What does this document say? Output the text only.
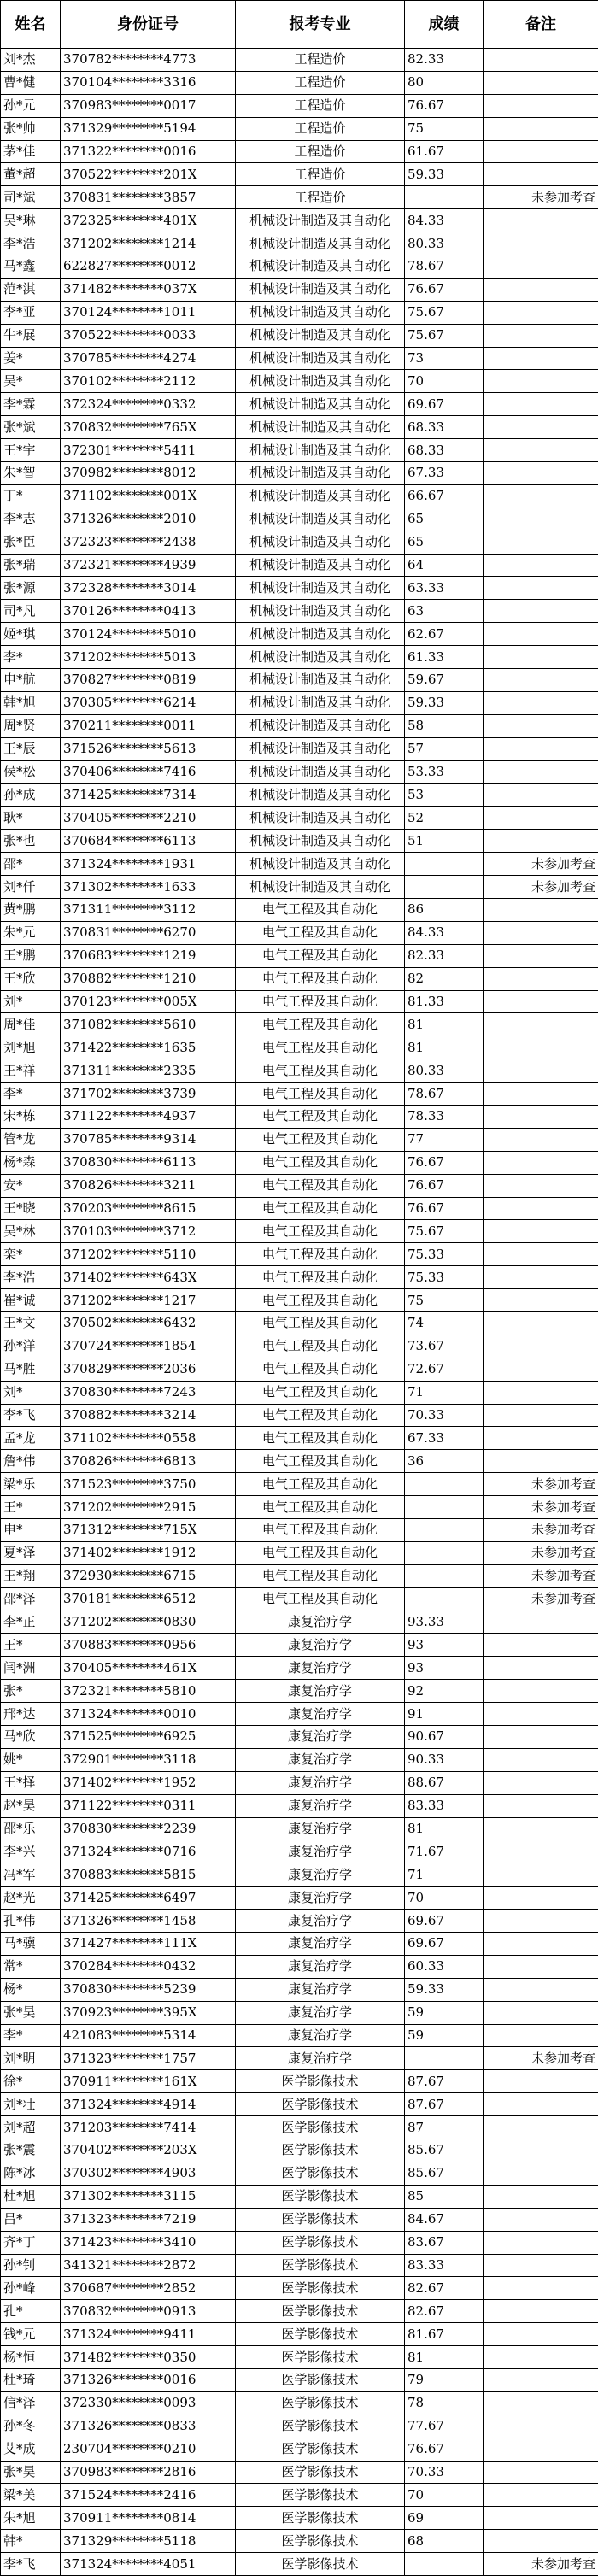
姓名	身份证号	报考专业	成绩	备注
刘*杰	370782********4773	工程造价	82.33	
曹*健	370104********3316	工程造价	80	
孙*元	370983********0017	工程造价	76.67	
张*帅	371329********5194	工程造价	75	
茅*佳	371322********0016	工程造价	61.67	
董*超	370522********201X	工程造价	59.33	
司*斌	370831********3857	工程造价		未参加考查
吴*琳	372325********401X	机械设计制造及其自动化	84.33	
李*浩	371202********1214	机械设计制造及其自动化	80.33	
马*鑫	622827********0012	机械设计制造及其自动化	78.67	
范*淇	371482********037X	机械设计制造及其自动化	76.67	
李*亚	370124********1011	机械设计制造及其自动化	75.67	
牛*展	370522********0033	机械设计制造及其自动化	75.67	
姜*	370785********4274	机械设计制造及其自动化	73	
吴*	370102********2112	机械设计制造及其自动化	70	
李*霖	372324********0332	机械设计制造及其自动化	69.67	
张*斌	370832********765X	机械设计制造及其自动化	68.33	
王*宇	372301********5411	机械设计制造及其自动化	68.33	
朱*智	370982********8012	机械设计制造及其自动化	67.33	
丁*	371102********001X	机械设计制造及其自动化	66.67	
李*志	371326********2010	机械设计制造及其自动化	65	
张*臣	372323********2438	机械设计制造及其自动化	65	
张*瑞	372321********4939	机械设计制造及其自动化	64	
张*源	372328********3014	机械设计制造及其自动化	63.33	
司*凡	370126********0413	机械设计制造及其自动化	63	
姬*琪	370124********5010	机械设计制造及其自动化	62.67	
李*	371202********5013	机械设计制造及其自动化	61.33	
申*航	370827********0819	机械设计制造及其自动化	59.67	
韩*旭	370305********6214	机械设计制造及其自动化	59.33	
周*贤	370211********0011	机械设计制造及其自动化	58	
王*辰	371526********5613	机械设计制造及其自动化	57	
侯*松	370406********7416	机械设计制造及其自动化	53.33	
孙*成	371425********7314	机械设计制造及其自动化	53	
耿*	370405********2210	机械设计制造及其自动化	52	
张*也	370684********6113	机械设计制造及其自动化	51	
邵*	371324********1931	机械设计制造及其自动化		未参加考查
刘*仟	371302********1633	机械设计制造及其自动化		未参加考查
黄*鹏	371311********3112	电气工程及其自动化	86	
朱*元	370831********6270	电气工程及其自动化	84.33	
王*鹏	370683********1219	电气工程及其自动化	82.33	
王*欣	370882********1210	电气工程及其自动化	82	
刘*	370123********005X	电气工程及其自动化	81.33	
周*佳	371082********5610	电气工程及其自动化	81	
刘*旭	371422********1635	电气工程及其自动化	81	
王*祥	371311********2335	电气工程及其自动化	80.33	
李*	371702********3739	电气工程及其自动化	78.67	
宋*栋	371122********4937	电气工程及其自动化	78.33	
管*龙	370785********9314	电气工程及其自动化	77	
杨*森	370830********6113	电气工程及其自动化	76.67	
安*	370826********3211	电气工程及其自动化	76.67	
王*晓	370203********8615	电气工程及其自动化	76.67	
吴*林	370103********3712	电气工程及其自动化	75.67	
栾*	371202********5110	电气工程及其自动化	75.33	
李*浩	371402********643X	电气工程及其自动化	75.33	
崔*诚	371202********1217	电气工程及其自动化	75	
王*文	370502********6432	电气工程及其自动化	74	
孙*洋	370724********1854	电气工程及其自动化	73.67	
马*胜	370829********2036	电气工程及其自动化	72.67	
刘*	370830********7243	电气工程及其自动化	71	
李*飞	370882********3214	电气工程及其自动化	70.33	
孟*龙	371102********0558	电气工程及其自动化	67.33	
詹*伟	370826********6813	电气工程及其自动化	36	
梁*乐	371523********3750	电气工程及其自动化		未参加考查
王*	371202********2915	电气工程及其自动化		未参加考查
申*	371312********715X	电气工程及其自动化		未参加考查
夏*泽	371402********1912	电气工程及其自动化		未参加考查
王*翔	372930********6715	电气工程及其自动化		未参加考查
邵*泽	370181********6512	电气工程及其自动化		未参加考查
李*正	371202********0830	康复治疗学	93.33	
王*	370883********0956	康复治疗学	93	
闫*洲	370405********461X	康复治疗学	93	
张*	372321********5810	康复治疗学	92	
邢*达	371324********0010	康复治疗学	91	
马*欣	371525********6925	康复治疗学	90.67	
姚*	372901********3118	康复治疗学	90.33	
王*择	371402********1952	康复治疗学	88.67	
赵*昊	371122********0311	康复治疗学	83.33	
邵*乐	370830********2239	康复治疗学	81	
李*兴	371324********0716	康复治疗学	71.67	
冯*军	370883********5815	康复治疗学	71	
赵*光	371425********6497	康复治疗学	70	
孔*伟	371326********1458	康复治疗学	69.67	
马*骥	371427********111X	康复治疗学	69.67	
常*	370284********0432	康复治疗学	60.33	
杨*	370830********5239	康复治疗学	59.33	
张*昊	370923********395X	康复治疗学	59	
李*	421083********5314	康复治疗学	59	
刘*明	371323********1757	康复治疗学		未参加考查
徐*	370911********161X	医学影像技术	87.67	
刘*壮	371324********4914	医学影像技术	87.67	
刘*超	371203********7414	医学影像技术	87	
张*震	370402********203X	医学影像技术	85.67	
陈*冰	370302********4903	医学影像技术	85.67	
杜*旭	371302********3115	医学影像技术	85	
吕*	371323********7219	医学影像技术	84.67	
齐*丁	371423********3410	医学影像技术	83.67	
孙*钊	341321********2872	医学影像技术	83.33	
孙*峰	370687********2852	医学影像技术	82.67	
孔*	370832********0913	医学影像技术	82.67	
钱*元	371324********9411	医学影像技术	81.67	
杨*恒	371482********0350	医学影像技术	81	
杜*琦	371326********0016	医学影像技术	79	
信*泽	372330********0093	医学影像技术	78	
孙*冬	371326********0833	医学影像技术	77.67	
艾*成	230704********0210	医学影像技术	76.67	
张*昊	370983********2816	医学影像技术	70.33	
梁*美	371524********2416	医学影像技术	70	
朱*旭	370911********0814	医学影像技术	69	
韩*	371329********5118	医学影像技术	68	
李*飞	371324********4051	医学影像技术		未参加考查
